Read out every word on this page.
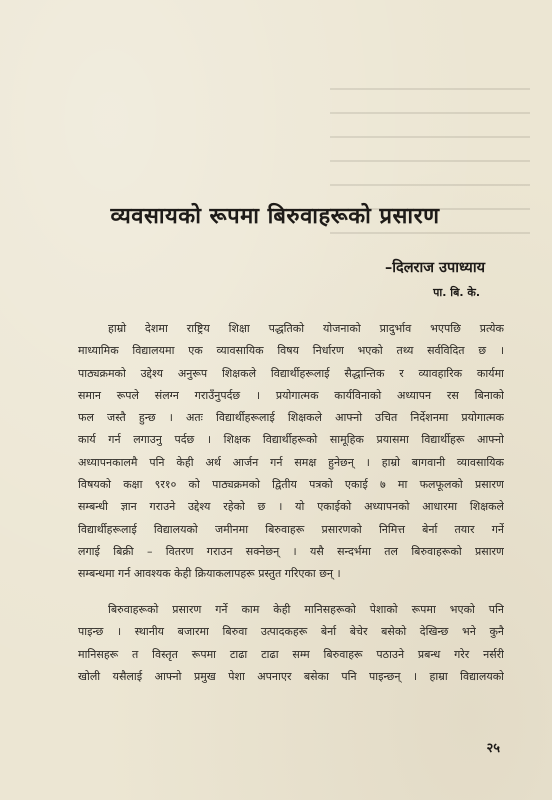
व्यवसायको रूपमा बिरुवाहरूको प्रसारण
–दिलराज उपाध्याय
पा. बि. के.
हाम्रो देशमा राष्ट्रिय शिक्षा पद्धतिको योजनाको प्रादुर्भाव भएपछि प्रत्येक
माध्यामिक विद्यालयमा एक व्यावसायिक विषय निर्धारण भएको तथ्य सर्वविदित छ ।
पाठ्यक्रमको उद्देश्य अनुरूप शिक्षकले विद्यार्थीहरूलाई सैद्धान्तिक र व्यावहारिक कार्यमा
समान रूपले संलग्न गराउँनुपर्दछ । प्रयोगात्मक कार्यविनाको अध्यापन रस बिनाको
फल जस्तै हुन्छ । अतः विद्यार्थीहरूलाई शिक्षकले आफ्नो उचित निर्देशनमा प्रयोगात्मक
कार्य गर्न लगाउनु पर्दछ । शिक्षक विद्यार्थीहरूको सामूहिक प्रयासमा विद्यार्थीहरू आफ्नो
अध्यापनकालमै पनि केही अर्थ आर्जन गर्न समक्ष हुनेछन् । हाम्रो बागवानी व्यावसायिक
विषयको कक्षा ९र१० को पाठ्यक्रमको द्वितीय पत्रको एकाई ७ मा फलफूलको प्रसारण
सम्बन्धी ज्ञान गराउने उद्देश्य रहेको छ । यो एकाईको अध्यापनको आधारमा शिक्षकले
विद्यार्थीहरूलाई विद्यालयको जमीनमा बिरुवाहरू प्रसारणको निमित्त बेर्ना तयार गर्ने
लगाई बिक्री – वितरण गराउन सक्नेछन् । यसै सन्दर्भमा तल बिरुवाहरूको प्रसारण
सम्बन्धमा गर्न आवश्यक केही क्रियाकलापहरू प्रस्तुत गरिएका छन् ।
बिरुवाहरूको प्रसारण गर्ने काम केही मानिसहरूको पेशाको रूपमा भएको पनि
पाइन्छ । स्थानीय बजारमा बिरुवा उत्पादकहरू बेर्ना बेचेर बसेको देखिन्छ भने कुनै
मानिसहरू त विस्तृत रूपमा टाढा टाढा सम्म बिरुवाहरू पठाउने प्रबन्ध गरेर नर्सरी
खोली यसैलाई आफ्नो प्रमुख पेशा अपनाएर बसेका पनि पाइन्छन् । हाम्रा विद्यालयको
२५
